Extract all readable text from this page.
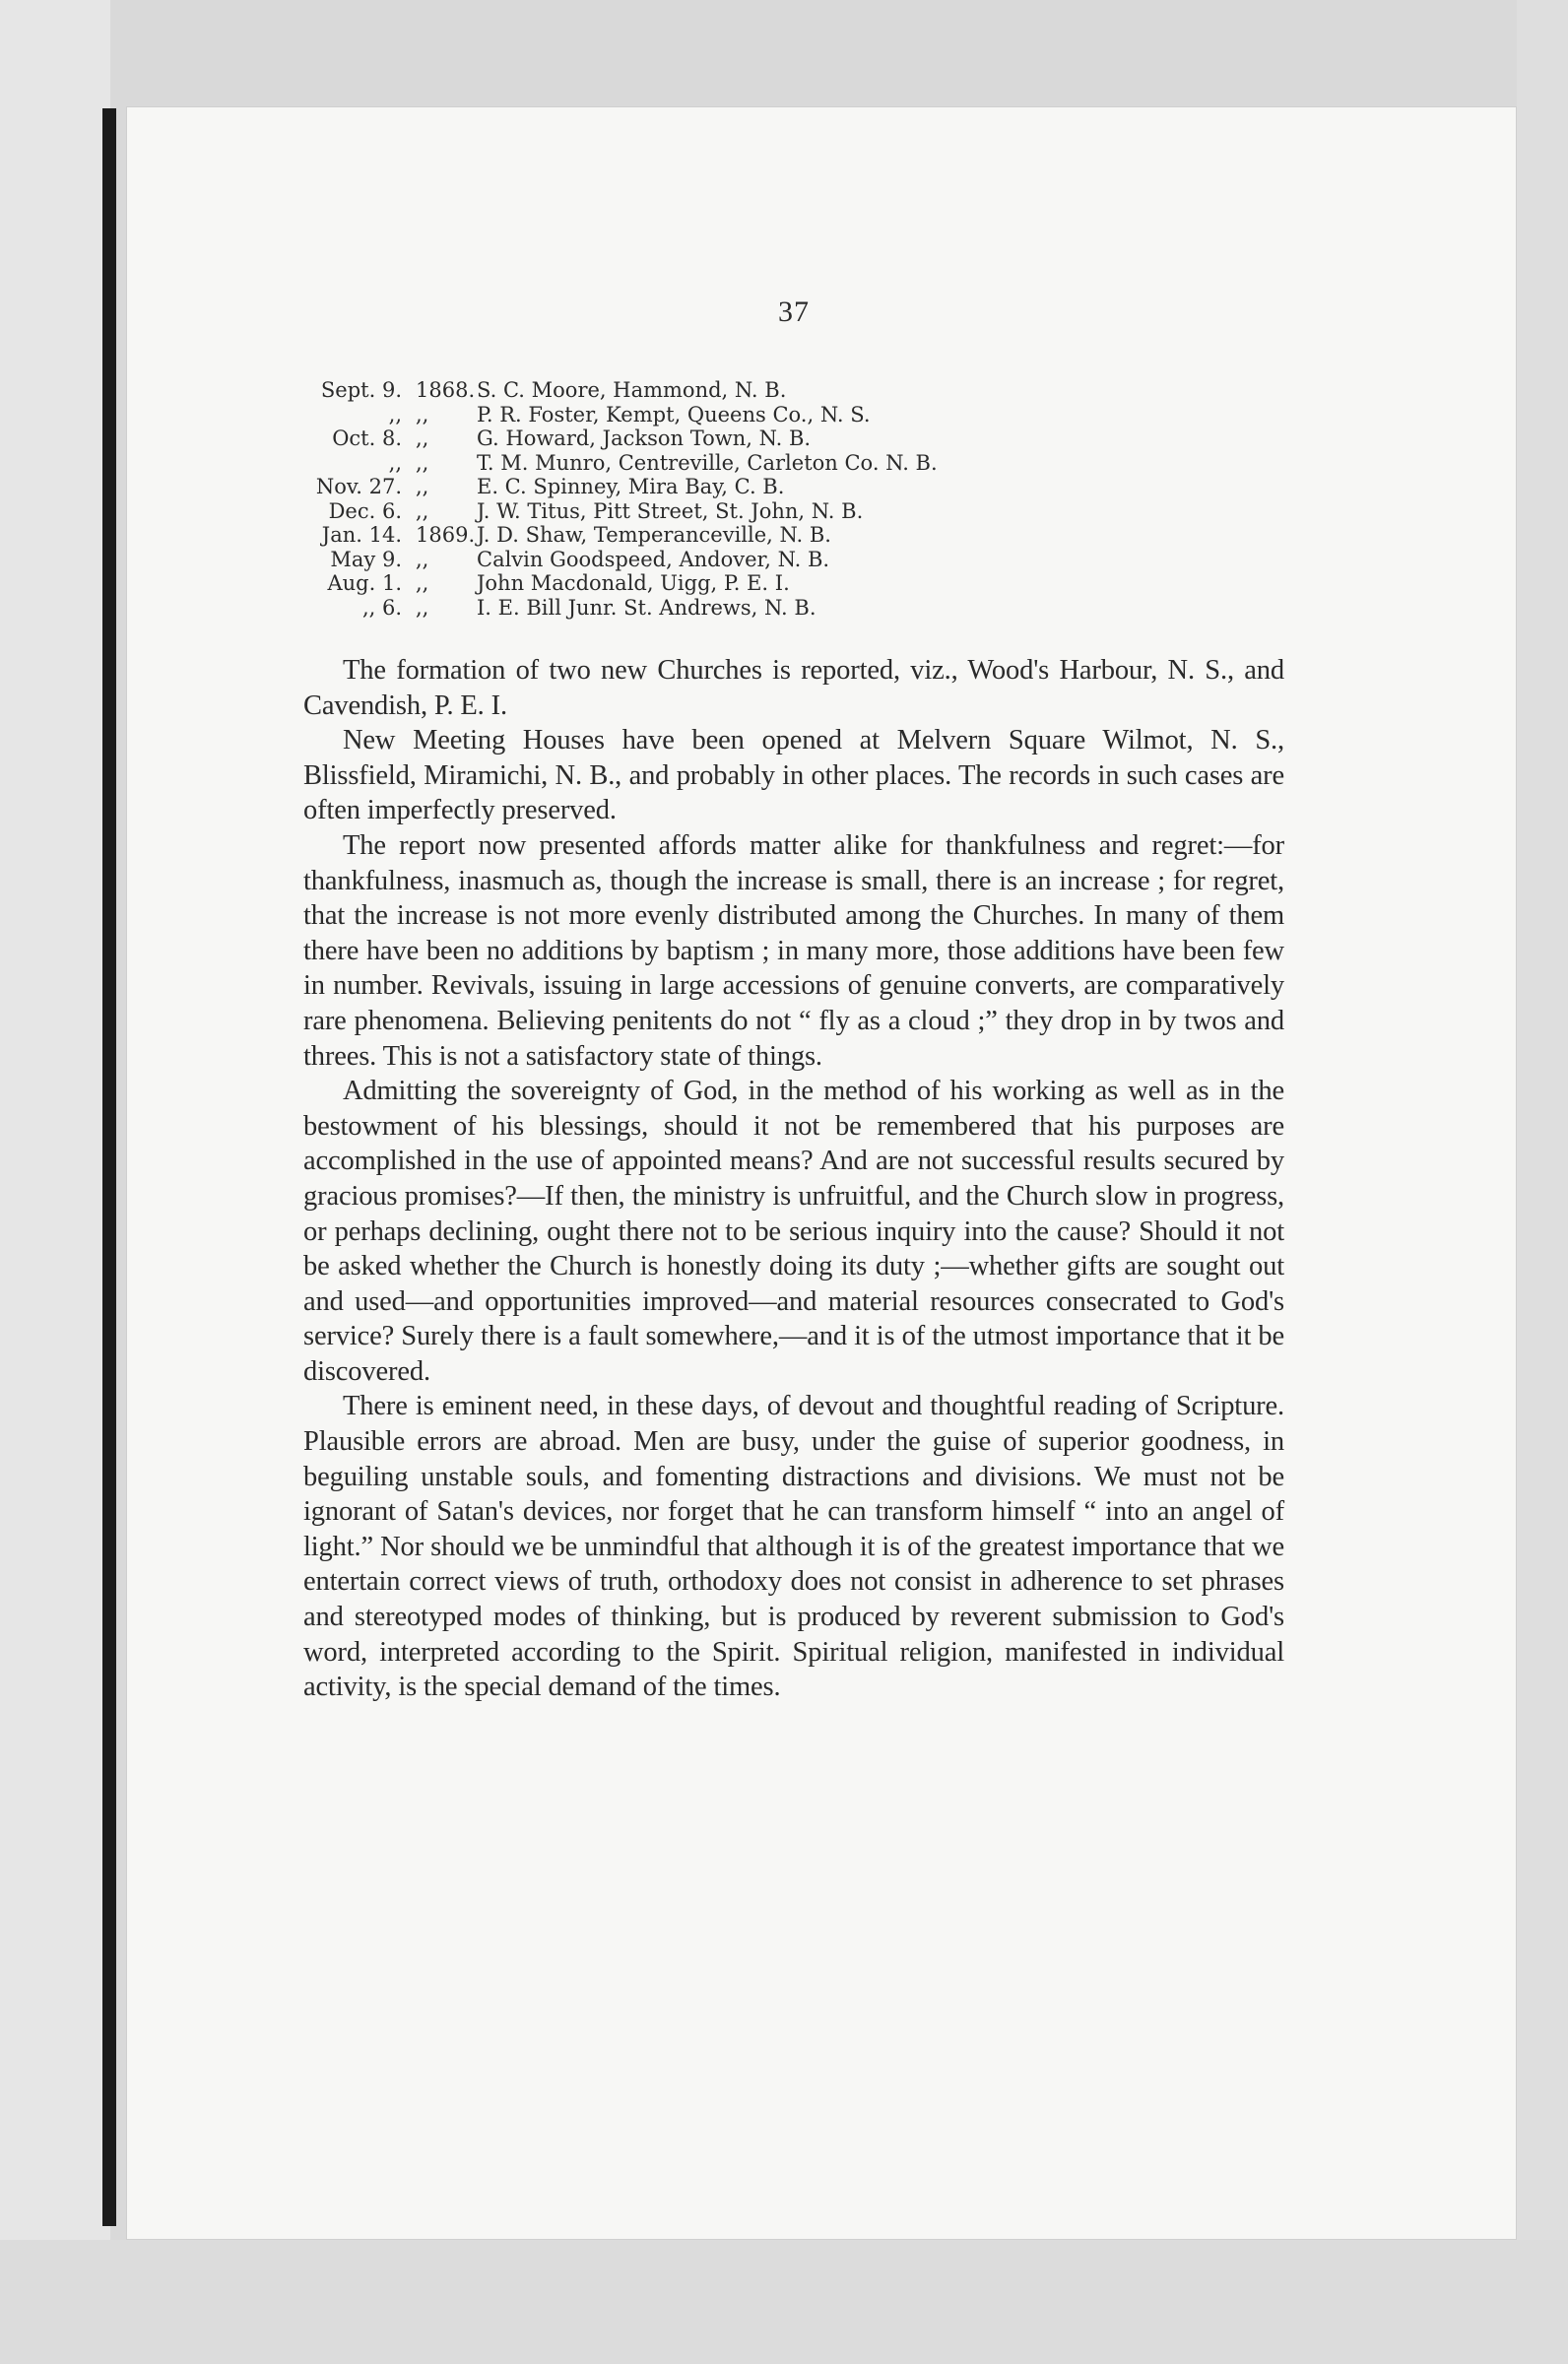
37
Sept. 9. 1868. S. C. Moore, Hammond, N. B.
,, ,,	P. R. Foster, Kempt, Queens Co., N. S.
Oct. 8. ,,	G. Howard, Jackson Town, N. B.
,, ,,	T. M. Munro, Centreville, Carleton Co. N. B.
Nov. 27. ,,	E. C. Spinney, Mira Bay, C. B.
Dec. 6. ,,	J. W. Titus, Pitt Street, St. John, N. B.
Jan. 14. 1869. J. D. Shaw, Temperanceville, N. B.
May 9. ,,	Calvin Goodspeed, Andover, N. B.
Aug. 1. ,,	John Macdonald, Uigg, P. E. I.
,, 6. ,,	I. E. Bill Junr. St. Andrews, N. B.

The formation of two new Churches is reported, viz., Wood's Harbour, N. S., and Cavendish, P. E. I.

New Meeting Houses have been opened at Melvern Square Wilmot, N. S., Blissfield, Miramichi, N. B., and probably in other places. The records in such cases are often imperfectly preserved.

The report now presented affords matter alike for thankfulness and regret:—for thankfulness, inasmuch as, though the increase is small, there is an increase ; for regret, that the increase is not more evenly distributed among the Churches. In many of them there have been no additions by baptism ; in many more, those additions have been few in number. Revivals, issuing in large accessions of genuine converts, are comparatively rare phenomena. Believing penitents do not “ fly as a cloud ;” they drop in by twos and threes. This is not a satisfactory state of things.

Admitting the sovereignty of God, in the method of his working as well as in the bestowment of his blessings, should it not be remembered that his purposes are accomplished in the use of appointed means? And are not successful results secured by gracious promises?—If then, the ministry is unfruitful, and the Church slow in progress, or perhaps declining, ought there not to be serious inquiry into the cause? Should it not be asked whether the Church is honestly doing its duty ;—whether gifts are sought out and used—and opportunities improved—and material resources consecrated to God's service? Surely there is a fault somewhere,—and it is of the utmost importance that it be discovered.

There is eminent need, in these days, of devout and thoughtful reading of Scripture. Plausible errors are abroad. Men are busy, under the guise of superior goodness, in beguiling unstable souls, and fomenting distractions and divisions. We must not be ignorant of Satan's devices, nor forget that he can transform himself “ into an angel of light.” Nor should we be unmindful that although it is of the greatest importance that we entertain correct views of truth, orthodoxy does not consist in adherence to set phrases and stereotyped modes of thinking, but is produced by reverent submission to God's word, interpreted according to the Spirit. Spiritual religion, manifested in individual activity, is the special demand of the times.
